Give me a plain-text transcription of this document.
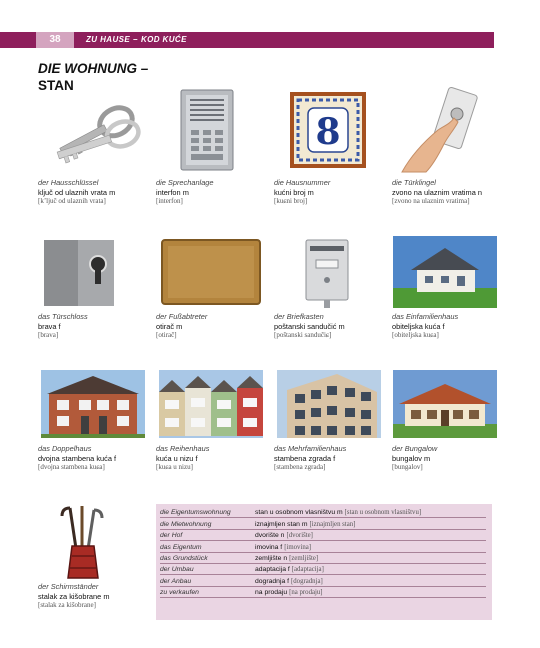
38	ZU HAUSE – KOD KUĆE
DIE WOHNUNG –
STAN
der Hausschlüssel
ključ od ulaznih vrata m
[kʼljuč od ulaznih vrata]
die Sprechanlage
interfon m
[interfon]
8
die Hausnummer
kućni broj m
[kuɕni broj]
die Türklingel
zvono na ulaznim vratima n
[zvono na ulaznim vratima]
das Türschloss
brava f
[brava]
der Fußabtreter
otirač m
[otirač]
der Briefkasten
poštanski sandučić m
[poštanski sandučiɕ]
das Einfamilienhaus
obiteljska kuća f
[obiteljska kuɕa]
das Doppelhaus
dvojna stambena kuća f
[dvojna stambena kuɕa]
das Reihenhaus
kuća u nizu f
[kuɕa u nizu]
das Mehrfamilienhaus
stambena zgrada f
[stambena zgrada]
der Bungalow
bungalov m
[bungalov]
der Schirmständer
stalak za kišobrane m
[stalak za kišobrane]
die Eigentumswohnung	stan u osobnom vlasništvu m [stan u osobnom vlasništvu]
die Mietwohnung	iznajmljen stan m [iznajmljen stan]
der Hof	dvorište n [dvorište]
das Eigentum	imovina f [imovina]
das Grundstück	zemljište n [zemljište]
der Umbau	adaptacija f [adaptacija]
der Anbau	dogradnja f [dogradnja]
zu verkaufen	na prodaju [na prodaju]
